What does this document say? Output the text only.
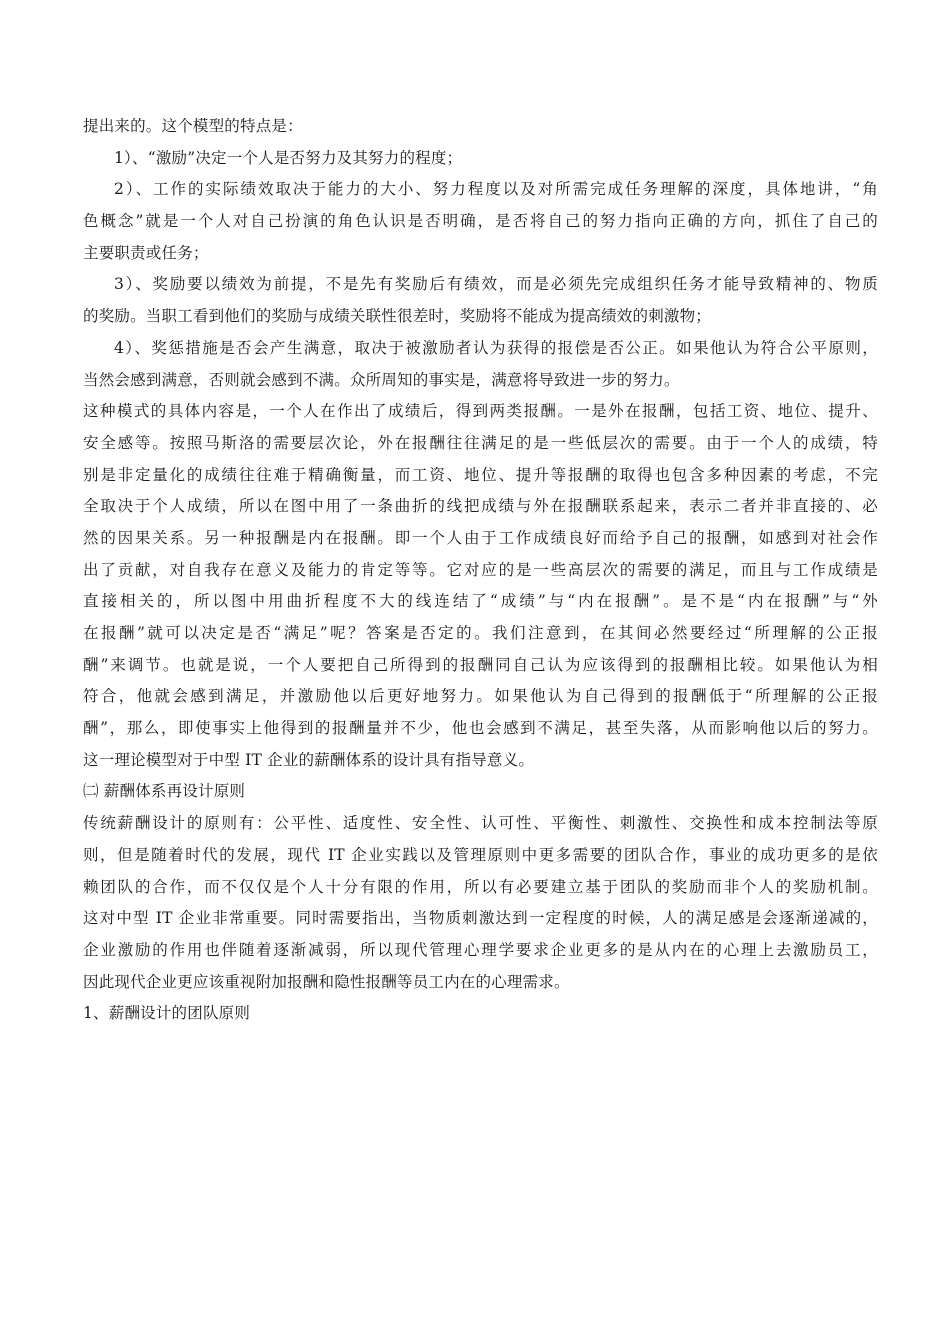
提出来的。这个模型的特点是：
1）、“激励”决定一个人是否努力及其努力的程度；
2）、工作的实际绩效取决于能力的大小、努力程度以及对所需完成任务理解的深度，具体地讲，“角
色概念”就是一个人对自己扮演的角色认识是否明确，是否将自己的努力指向正确的方向，抓住了自己的
主要职责或任务；
3）、奖励要以绩效为前提，不是先有奖励后有绩效，而是必须先完成组织任务才能导致精神的、物质
的奖励。当职工看到他们的奖励与成绩关联性很差时，奖励将不能成为提高绩效的刺激物；
4）、奖惩措施是否会产生满意，取决于被激励者认为获得的报偿是否公正。如果他认为符合公平原则，
当然会感到满意，否则就会感到不满。众所周知的事实是，满意将导致进一步的努力。
这种模式的具体内容是，一个人在作出了成绩后，得到两类报酬。一是外在报酬，包括工资、地位、提升、
安全感等。按照马斯洛的需要层次论，外在报酬往往满足的是一些低层次的需要。由于一个人的成绩，特
别是非定量化的成绩往往难于精确衡量，而工资、地位、提升等报酬的取得也包含多种因素的考虑，不完
全取决于个人成绩，所以在图中用了一条曲折的线把成绩与外在报酬联系起来，表示二者并非直接的、必
然的因果关系。另一种报酬是内在报酬。即一个人由于工作成绩良好而给予自己的报酬，如感到对社会作
出了贡献，对自我存在意义及能力的肯定等等。它对应的是一些高层次的需要的满足，而且与工作成绩是
直接相关的，所以图中用曲折程度不大的线连结了“成绩”与“内在报酬”。是不是“内在报酬”与“外
在报酬”就可以决定是否“满足”呢？答案是否定的。我们注意到，在其间必然要经过“所理解的公正报
酬”来调节。也就是说，一个人要把自己所得到的报酬同自己认为应该得到的报酬相比较。如果他认为相
符合，他就会感到满足，并激励他以后更好地努力。如果他认为自己得到的报酬低于“所理解的公正报
酬”，那么，即使事实上他得到的报酬量并不少，他也会感到不满足，甚至失落，从而影响他以后的努力。
这一理论模型对于中型 IT 企业的薪酬体系的设计具有指导意义。
㈡ 薪酬体系再设计原则
传统薪酬设计的原则有：公平性、适度性、安全性、认可性、平衡性、刺激性、交换性和成本控制法等原
则，但是随着时代的发展，现代 IT 企业实践以及管理原则中更多需要的团队合作，事业的成功更多的是依
赖团队的合作，而不仅仅是个人十分有限的作用，所以有必要建立基于团队的奖励而非个人的奖励机制。
这对中型 IT 企业非常重要。同时需要指出，当物质刺激达到一定程度的时候，人的满足感是会逐渐递减的，
企业激励的作用也伴随着逐渐减弱，所以现代管理心理学要求企业更多的是从内在的心理上去激励员工，
因此现代企业更应该重视附加报酬和隐性报酬等员工内在的心理需求。
1、薪酬设计的团队原则
